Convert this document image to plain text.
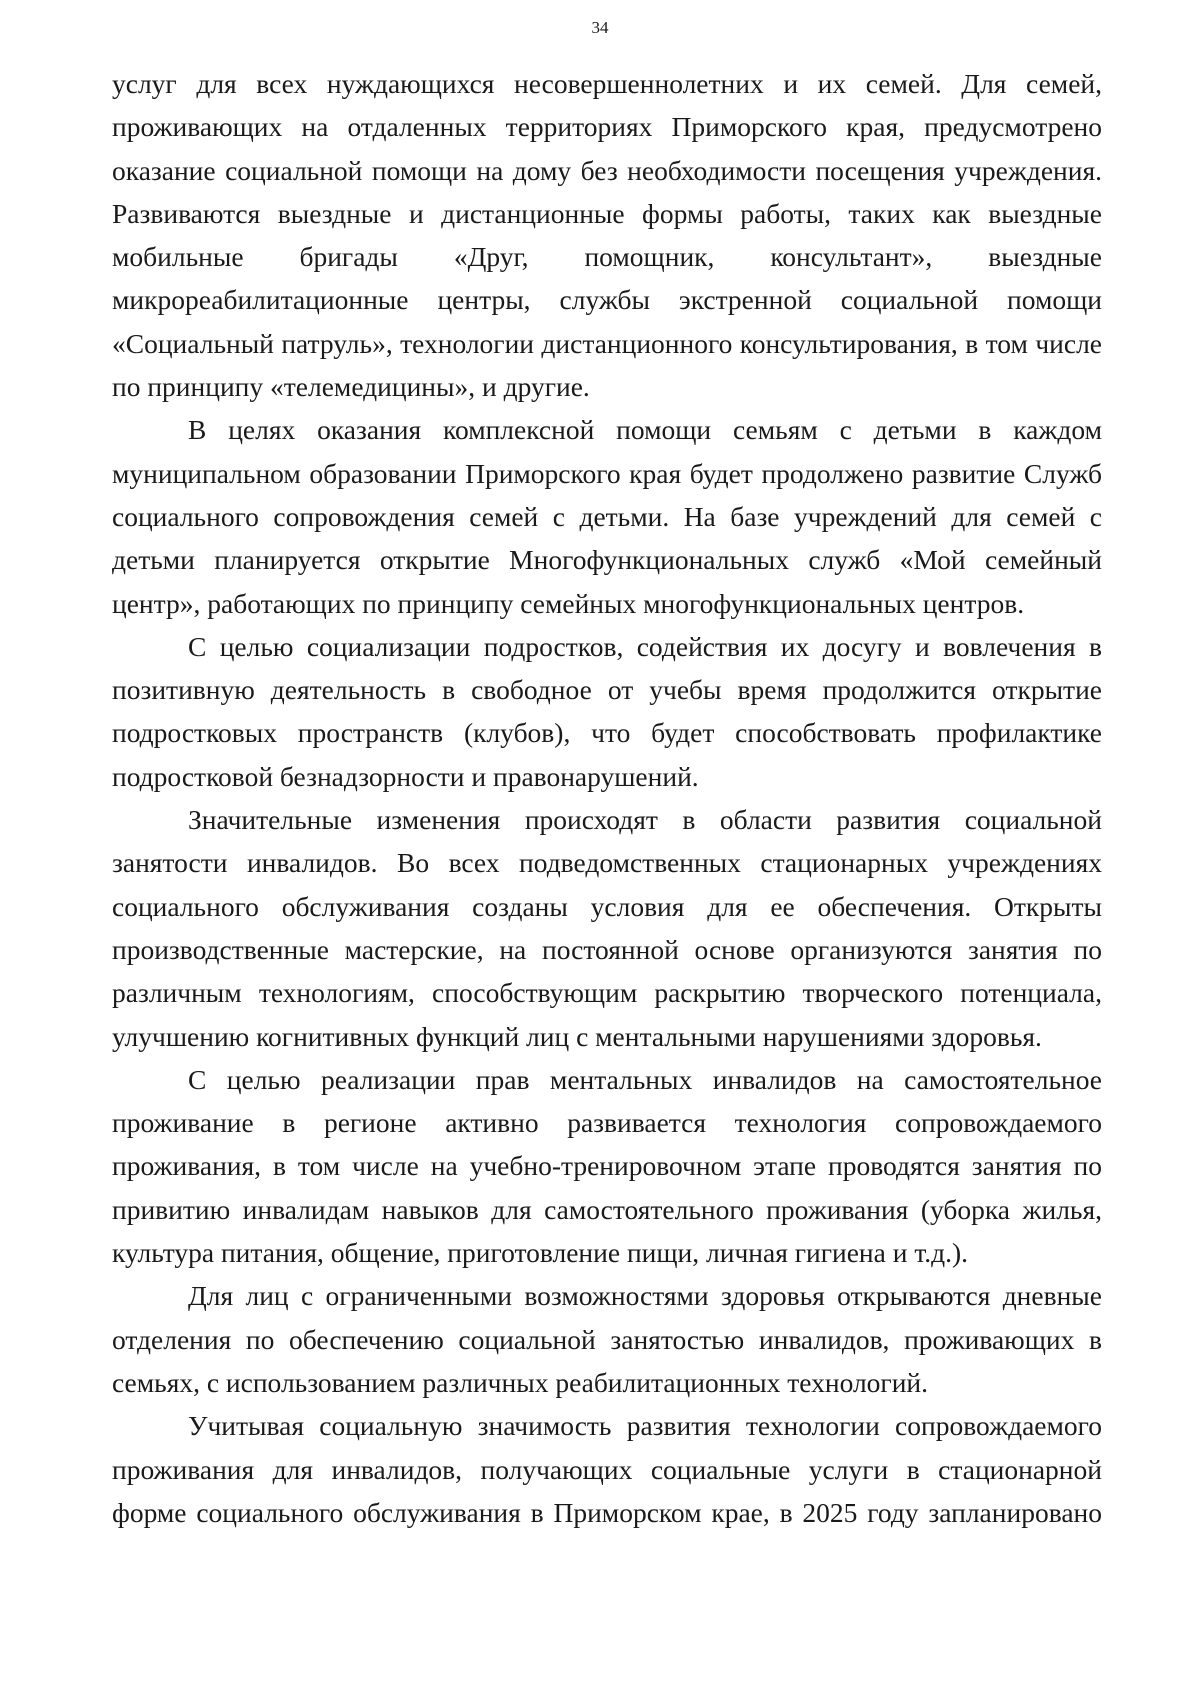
34

услуг для всех нуждающихся несовершеннолетних и их семей. Для семей, проживающих на отдаленных территориях Приморского края, предусмотрено оказание социальной помощи на дому без необходимости посещения учреждения. Развиваются выездные и дистанционные формы работы, таких как выездные мобильные бригады «Друг, помощник, консультант», выездные микрореабилитационные центры, службы экстренной социальной помощи «Социальный патруль», технологии дистанционного консультирования, в том числе по принципу «телемедицины», и другие.

В целях оказания комплексной помощи семьям с детьми в каждом муниципальном образовании Приморского края будет продолжено развитие Служб социального сопровождения семей с детьми. На базе учреждений для семей с детьми планируется открытие Многофункциональных служб «Мой семейный центр», работающих по принципу семейных многофункциональных центров.

С целью социализации подростков, содействия их досугу и вовлечения в позитивную деятельность в свободное от учебы время продолжится открытие подростковых пространств (клубов), что будет способствовать профилактике подростковой безнадзорности и правонарушений.

Значительные изменения происходят в области развития социальной занятости инвалидов. Во всех подведомственных стационарных учреждениях социального обслуживания созданы условия для ее обеспечения. Открыты производственные мастерские, на постоянной основе организуются занятия по различным технологиям, способствующим раскрытию творческого потенциала, улучшению когнитивных функций лиц с ментальными нарушениями здоровья.

С целью реализации прав ментальных инвалидов на самостоятельное проживание в регионе активно развивается технология сопровождаемого проживания, в том числе на учебно-тренировочном этапе проводятся занятия по привитию инвалидам навыков для самостоятельного проживания (уборка жилья, культура питания, общение, приготовление пищи, личная гигиена и т.д.).

Для лиц с ограниченными возможностями здоровья открываются дневные отделения по обеспечению социальной занятостью инвалидов, проживающих в семьях, с использованием различных реабилитационных технологий.

Учитывая социальную значимость развития технологии сопровождаемого проживания для инвалидов, получающих социальные услуги в стационарной форме социального обслуживания в Приморском крае, в 2025 году запланировано
